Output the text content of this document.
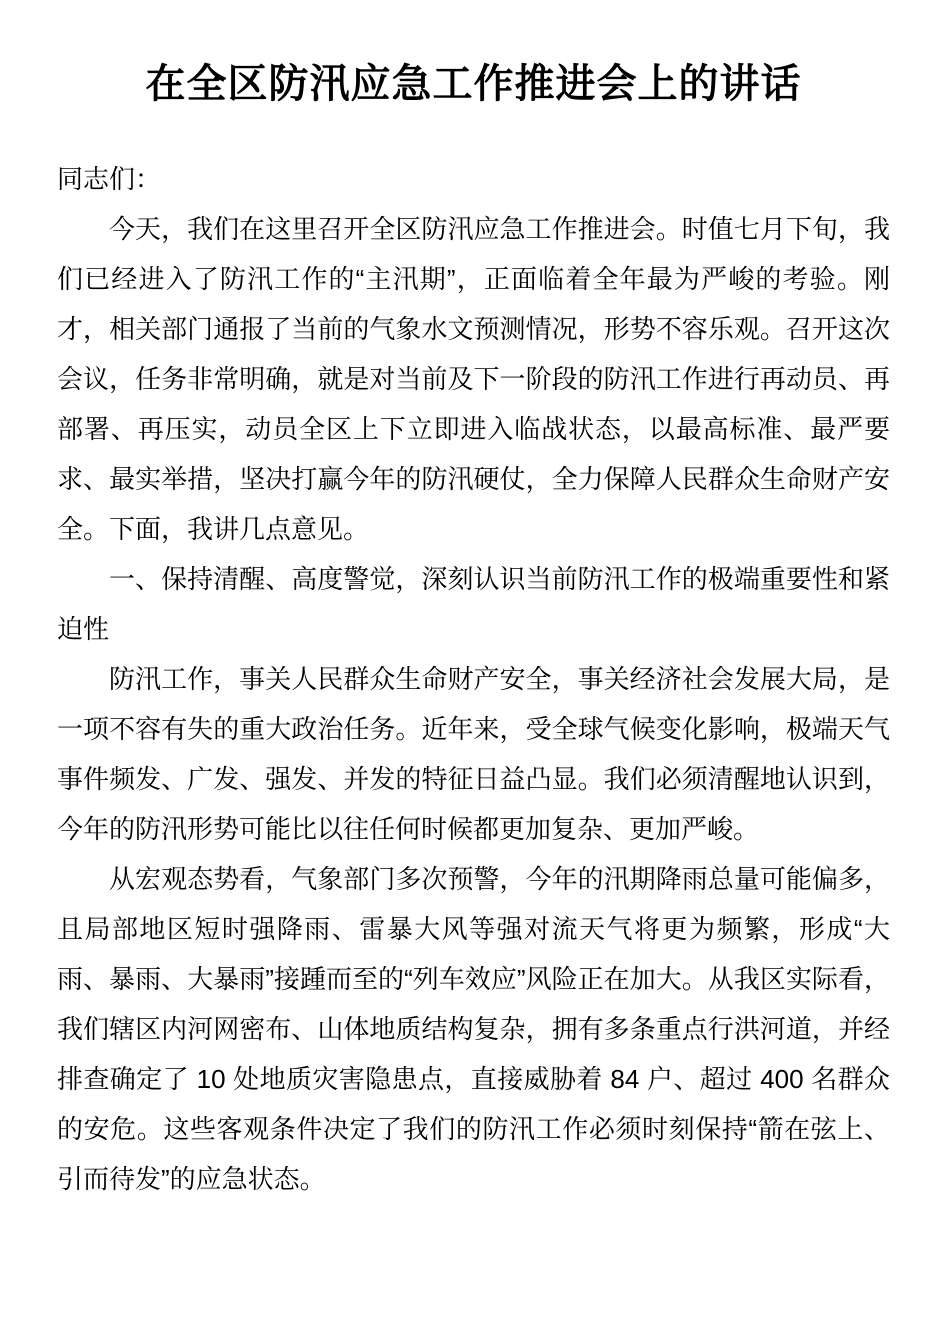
在全区防汛应急工作推进会上的讲话

同志们：

今天，我们在这里召开全区防汛应急工作推进会。时值七月下旬，我们已经进入了防汛工作的“主汛期”，正面临着全年最为严峻的考验。刚才，相关部门通报了当前的气象水文预测情况，形势不容乐观。召开这次会议，任务非常明确，就是对当前及下一阶段的防汛工作进行再动员、再部署、再压实，动员全区上下立即进入临战状态，以最高标准、最严要求、最实举措，坚决打赢今年的防汛硬仗，全力保障人民群众生命财产安全。下面，我讲几点意见。

一、保持清醒、高度警觉，深刻认识当前防汛工作的极端重要性和紧迫性

防汛工作，事关人民群众生命财产安全，事关经济社会发展大局，是一项不容有失的重大政治任务。近年来，受全球气候变化影响，极端天气事件频发、广发、强发、并发的特征日益凸显。我们必须清醒地认识到，今年的防汛形势可能比以往任何时候都更加复杂、更加严峻。

从宏观态势看，气象部门多次预警，今年的汛期降雨总量可能偏多，且局部地区短时强降雨、雷暴大风等强对流天气将更为频繁，形成“大雨、暴雨、大暴雨”接踵而至的“列车效应”风险正在加大。从我区实际看，我们辖区内河网密布、山体地质结构复杂，拥有多条重点行洪河道，并经排查确定了 10 处地质灾害隐患点，直接威胁着 84 户、超过 400 名群众的安危。这些客观条件决定了我们的防汛工作必须时刻保持“箭在弦上、引而待发”的应急状态。
